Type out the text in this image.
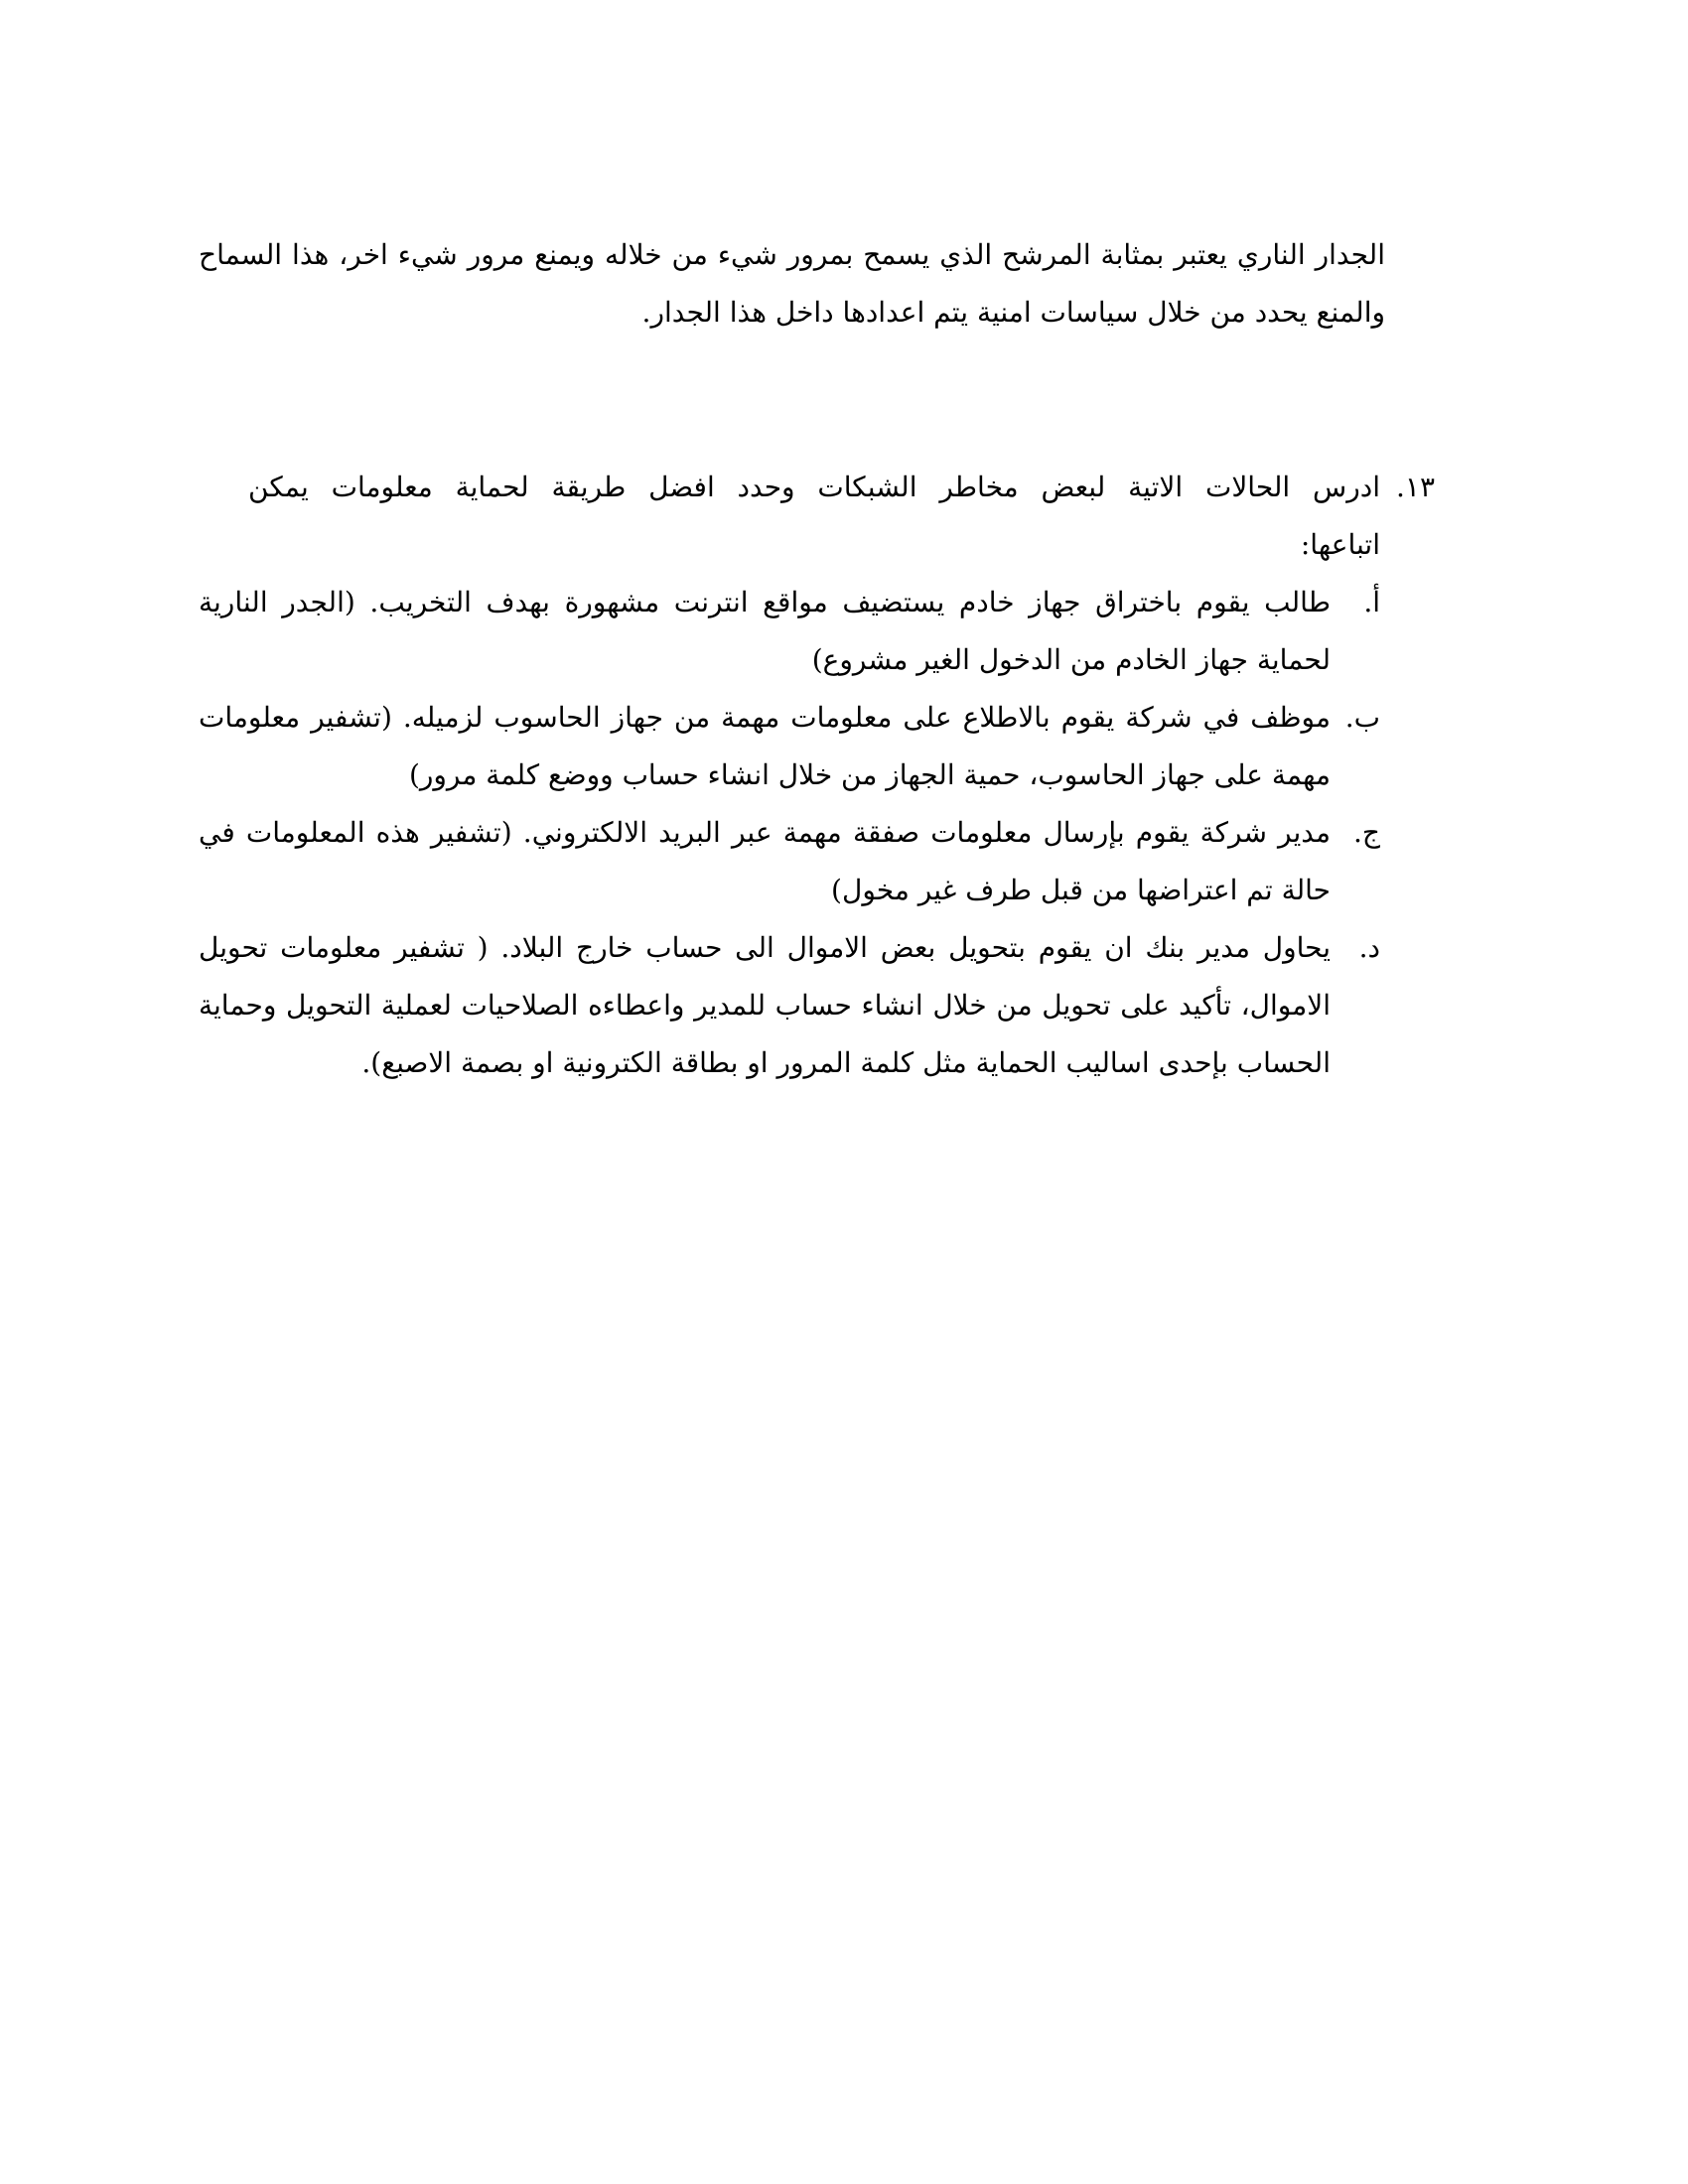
الجدار الناري يعتبر بمثابة المرشح الذي يسمح بمرور شيء من خلاله ويمنع مرور شيء اخر، هذا السماح والمنع يحدد من خلال سياسات امنية يتم اعدادها داخل هذا الجدار.

١٣.
ادرس الحالات الاتية لبعض مخاطر الشبكات وحدد افضل طريقة لحماية معلومات يمكن
اتباعها:
أ.
طالب يقوم باختراق جهاز خادم يستضيف مواقع انترنت مشهورة بهدف التخريب. (الجدر النارية لحماية جهاز الخادم من الدخول الغير مشروع)
ب.
موظف في شركة يقوم بالاطلاع على معلومات مهمة من جهاز الحاسوب لزميله. (تشفير معلومات مهمة على جهاز الحاسوب، حمية الجهاز من خلال انشاء حساب ووضع كلمة مرور)
ج.
مدير شركة يقوم بإرسال معلومات صفقة مهمة عبر البريد الالكتروني. (تشفير هذه المعلومات في حالة تم اعتراضها من قبل طرف غير مخول)
د.
يحاول مدير بنك ان يقوم بتحويل بعض الاموال الى حساب خارج البلاد. ( تشفير معلومات تحويل الاموال، تأكيد على تحويل من خلال انشاء حساب للمدير واعطاءه الصلاحيات لعملية التحويل وحماية الحساب بإحدى اساليب الحماية مثل كلمة المرور او بطاقة الكترونية او بصمة الاصبع).
